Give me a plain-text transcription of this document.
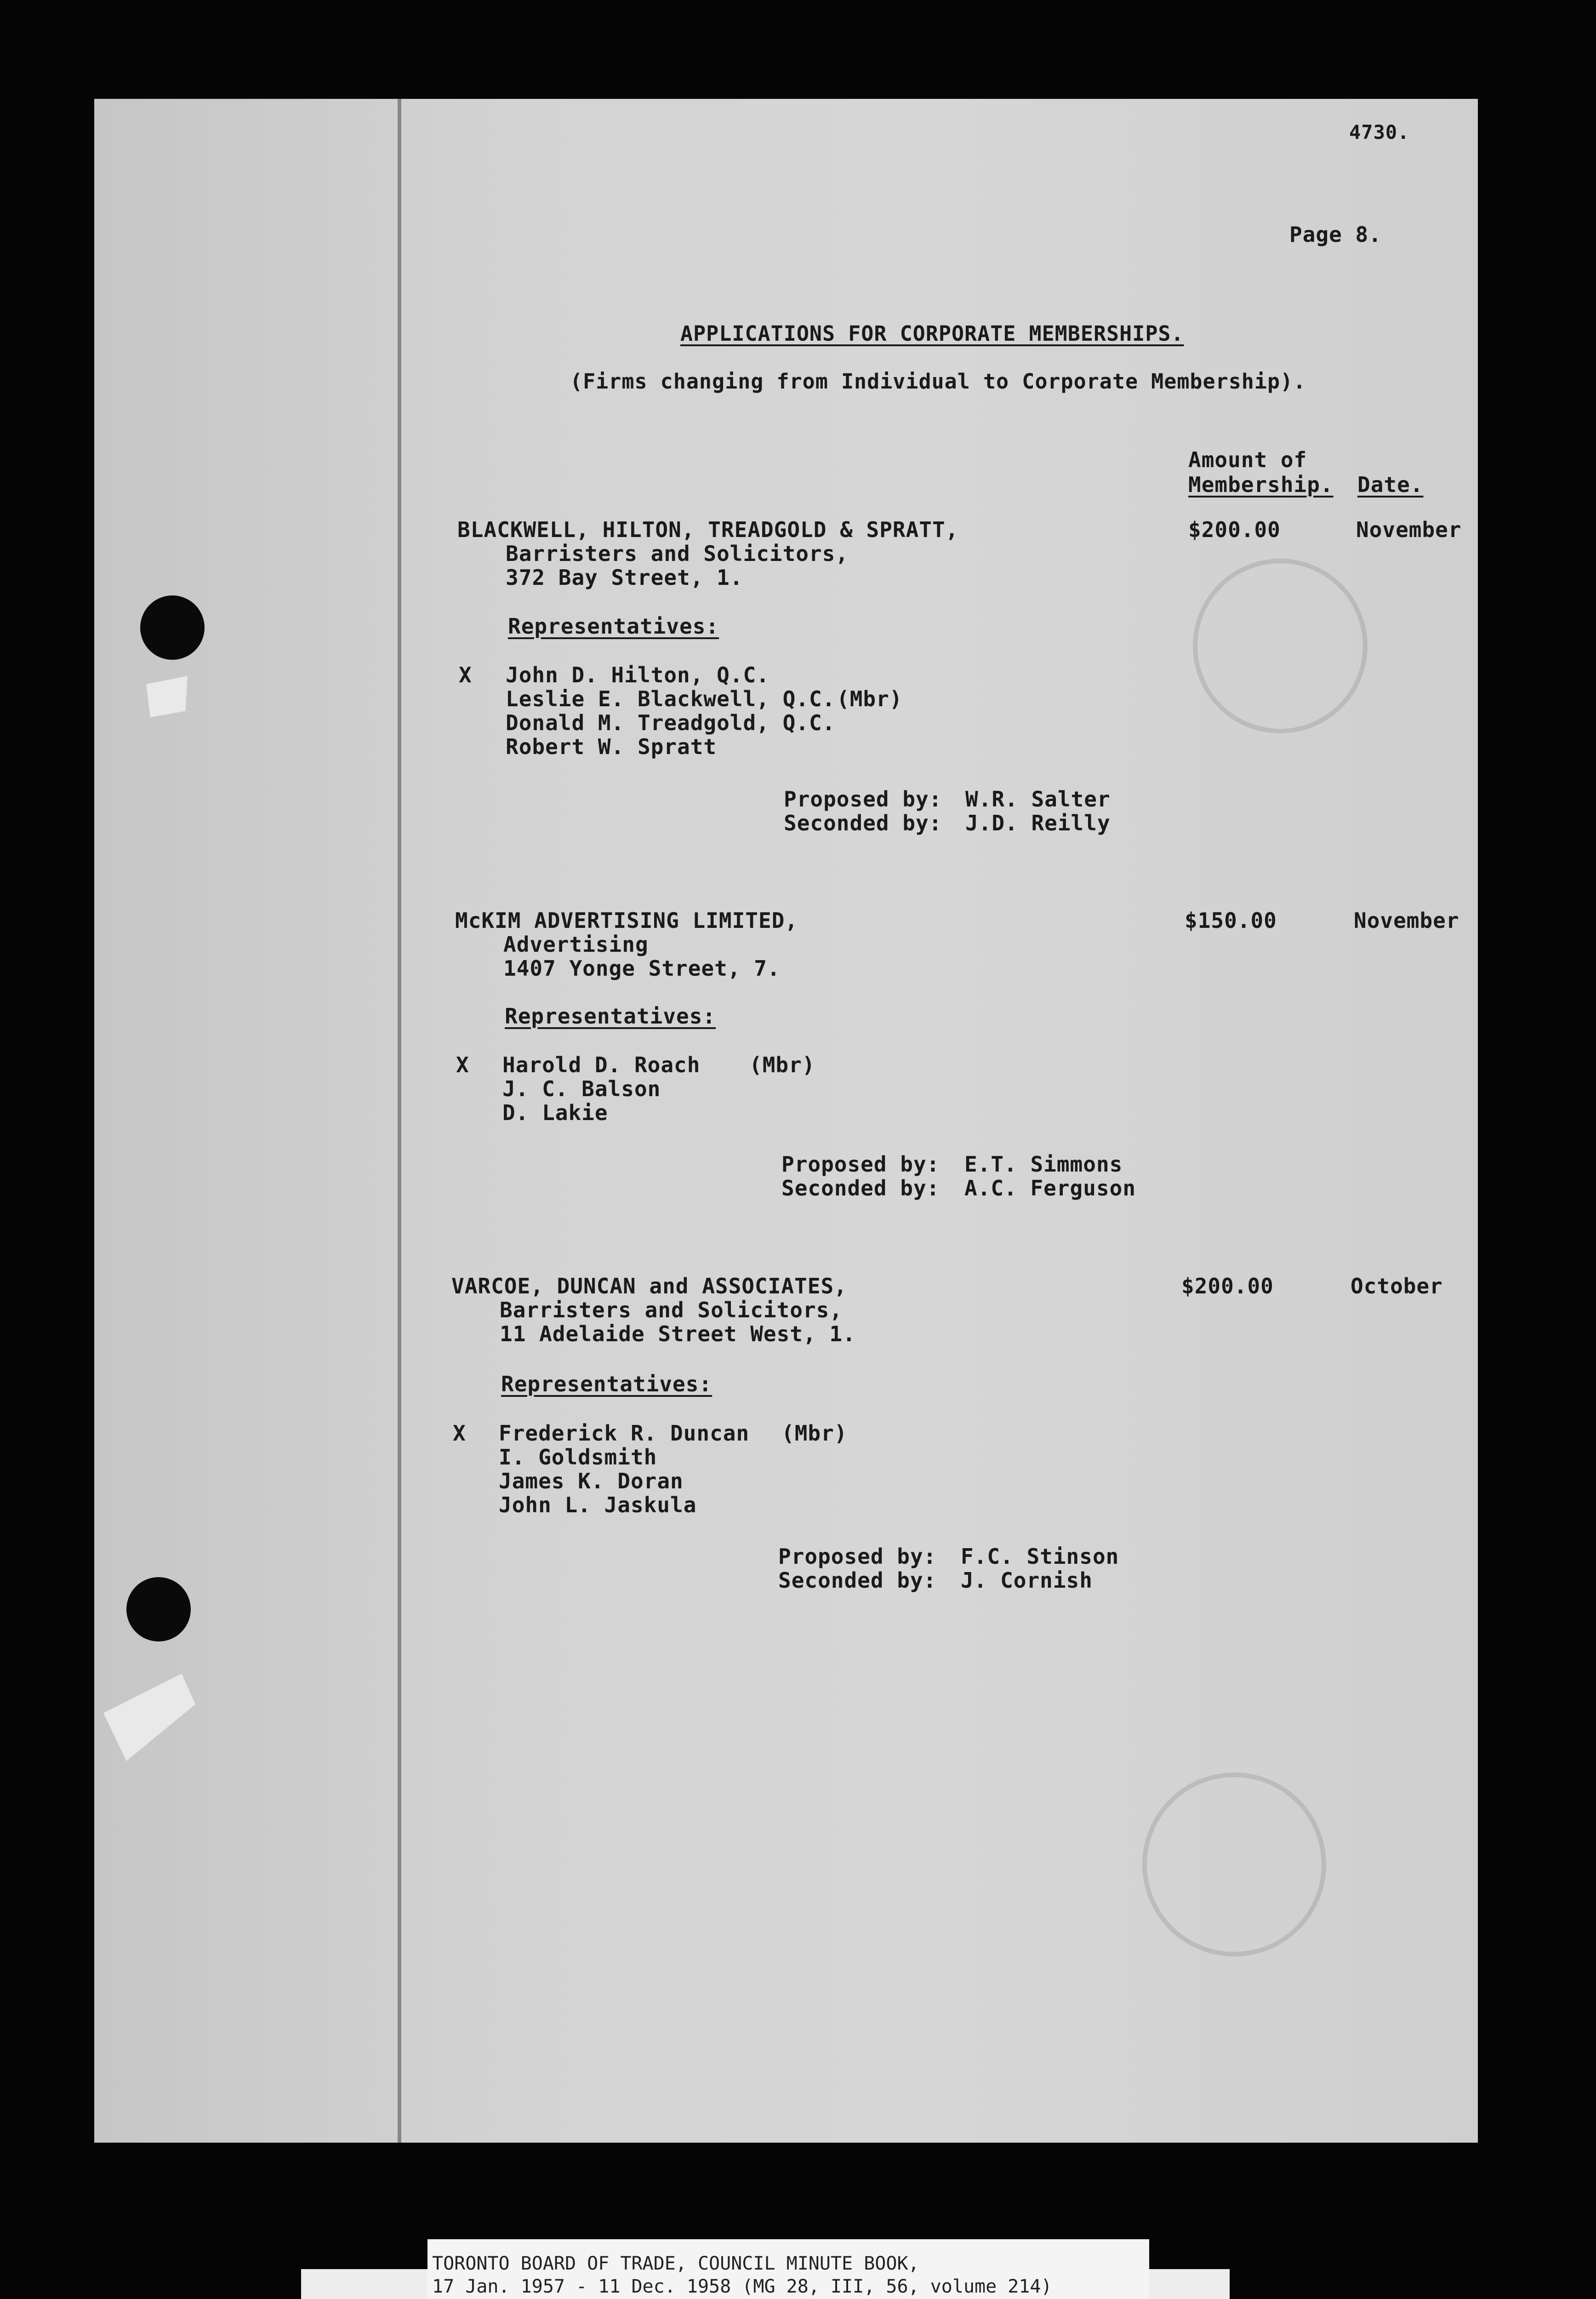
4730.
Page 8.
APPLICATIONS FOR CORPORATE MEMBERSHIPS.
(Firms changing from Individual to Corporate Membership).
Amount of
Membership. Date.
BLACKWELL, HILTON, TREADGOLD & SPRATT,	$200.00	November
Barristers and Solicitors,
372 Bay Street, 1.
Representatives:
X John D. Hilton, Q.C.
Leslie E. Blackwell, Q.C. (Mbr)
Donald M. Treadgold, Q.C.
Robert W. Spratt
Proposed by: W.R. Salter
Seconded by: J.D. Reilly
McKIM ADVERTISING LIMITED,	$150.00	November
Advertising
1407 Yonge Street, 7.
Representatives:
X Harold D. Roach (Mbr)
J. C. Balson
D. Lakie
Proposed by: E.T. Simmons
Seconded by: A.C. Ferguson
VARCOE, DUNCAN and ASSOCIATES,	$200.00	October
Barristers and Solicitors,
11 Adelaide Street West, 1.
Representatives:
X Frederick R. Duncan (Mbr)
I. Goldsmith
James K. Doran
John L. Jaskula
Proposed by: F.C. Stinson
Seconded by: J. Cornish
TORONTO BOARD OF TRADE, COUNCIL MINUTE BOOK,
17 Jan. 1957 - 11 Dec. 1958 (MG 28, III, 56, volume 214)
